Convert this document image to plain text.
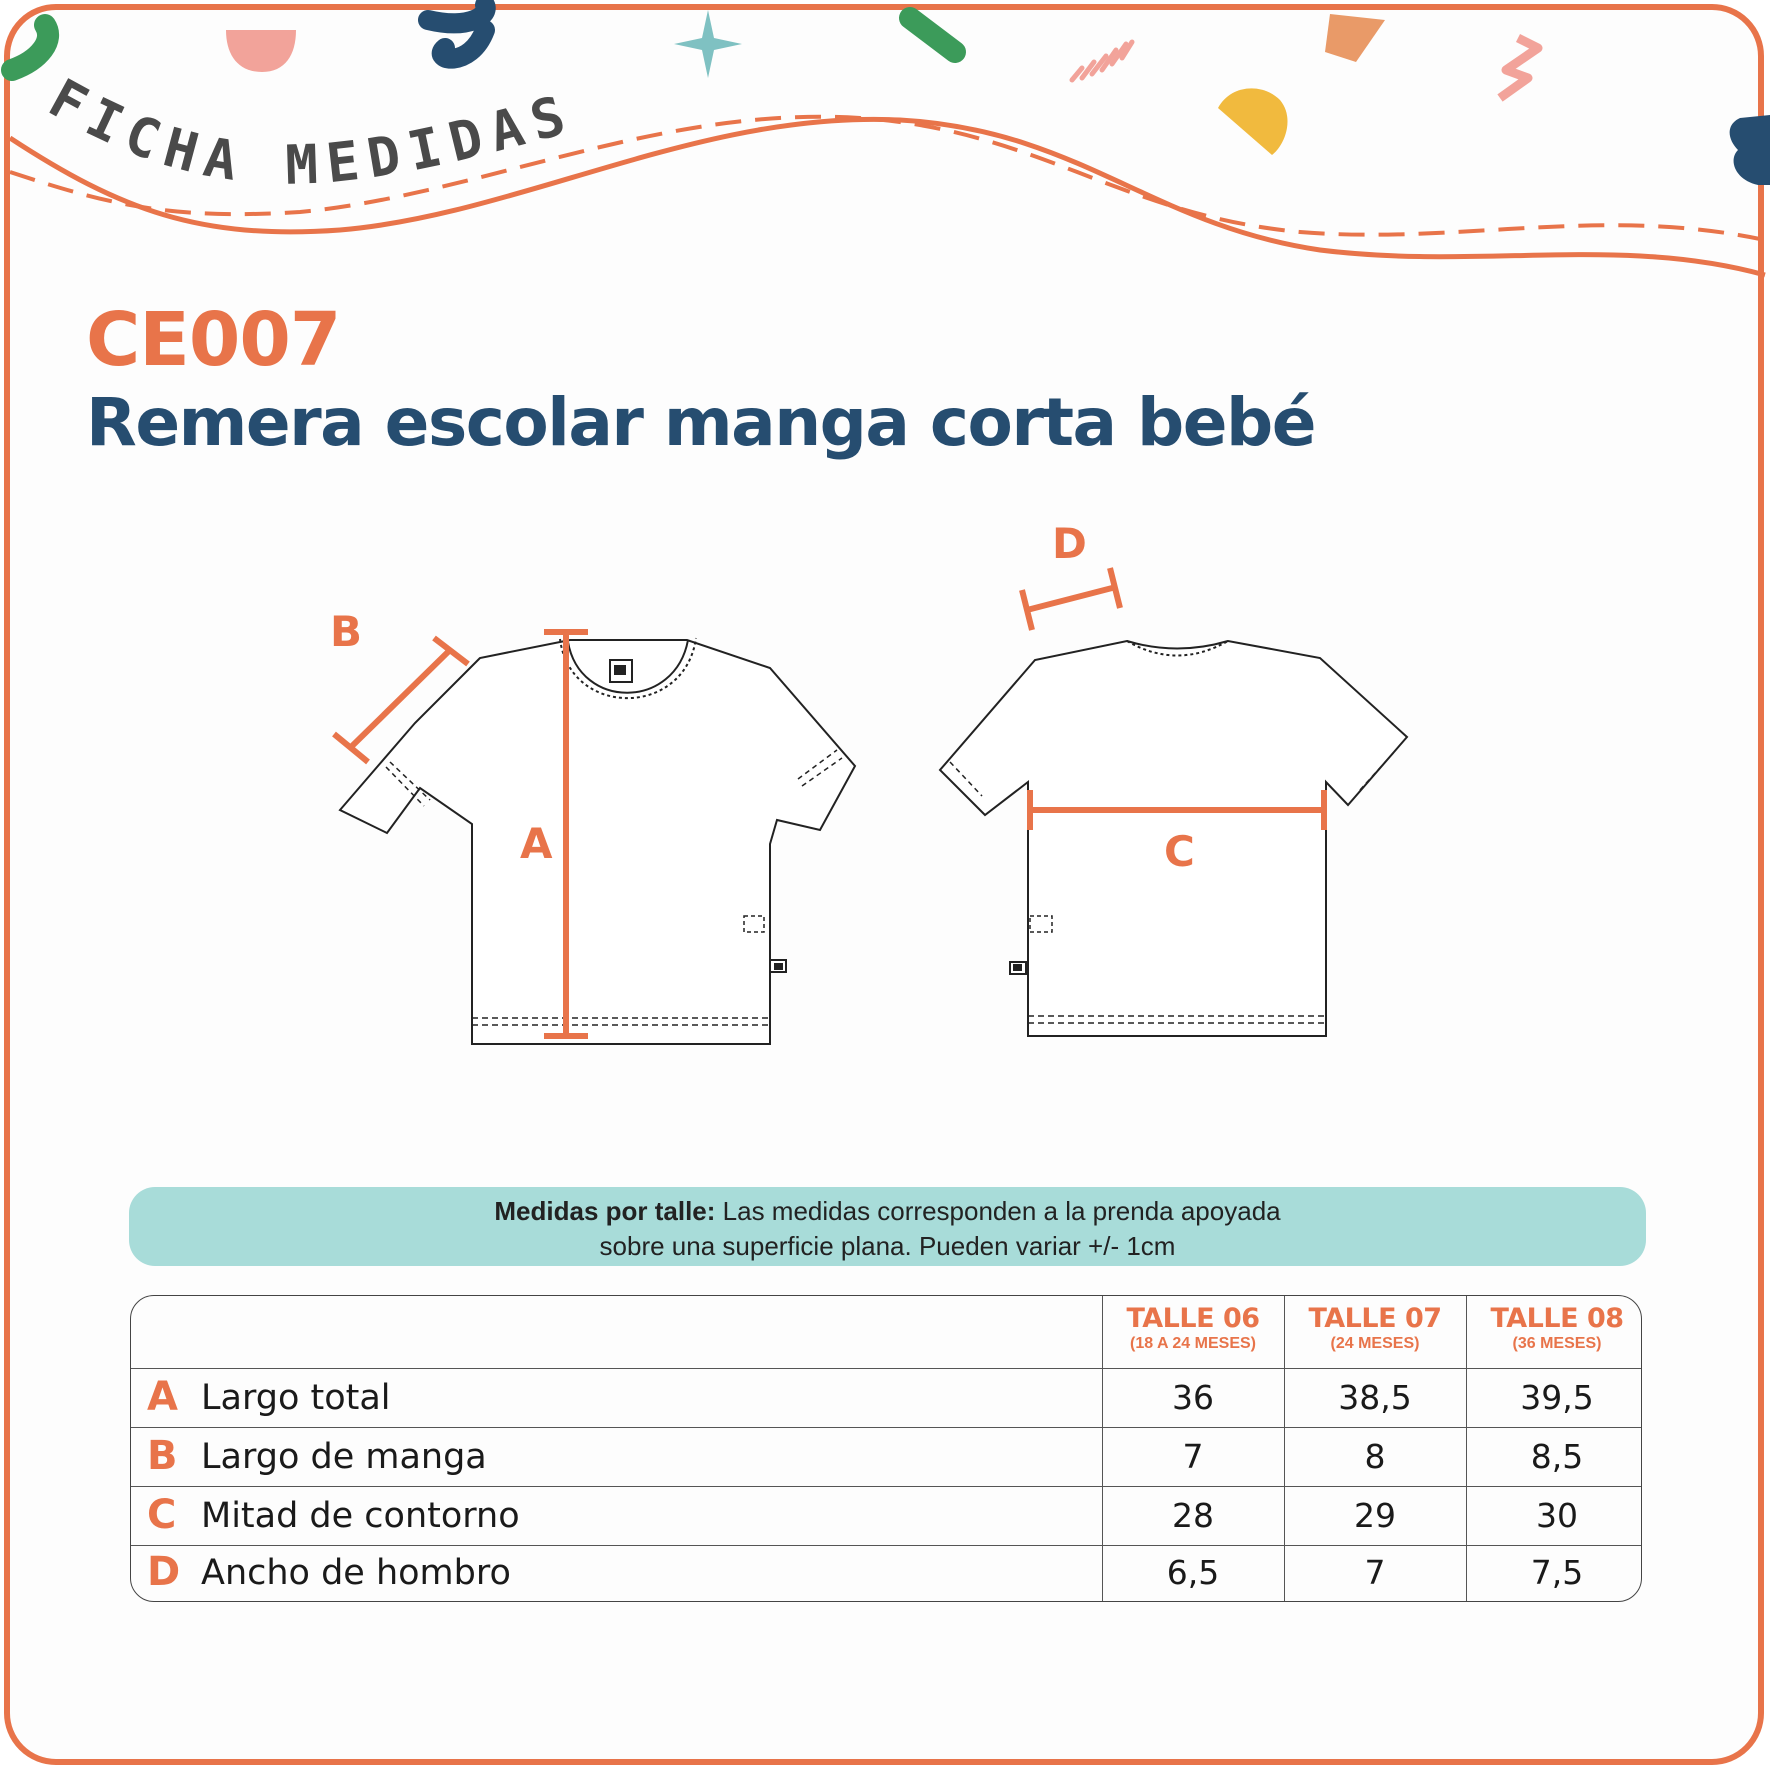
FICHA MEDIDAS
CE007
Remera escolar manga corta bebé
A
B
C
D
Medidas por talle: Las medidas corresponden a la prenda apoyada
sobre una superficie plana. Pueden variar +/- 1cm
TALLE 06
(18 A 24 MESES)
TALLE 07
(24 MESES)
TALLE 08
(36 MESES)
A Largo total	36	38,5	39,5
B Largo de manga	7	8	8,5
C Mitad de contorno	28	29	30
D Ancho de hombro	6,5	7	7,5
